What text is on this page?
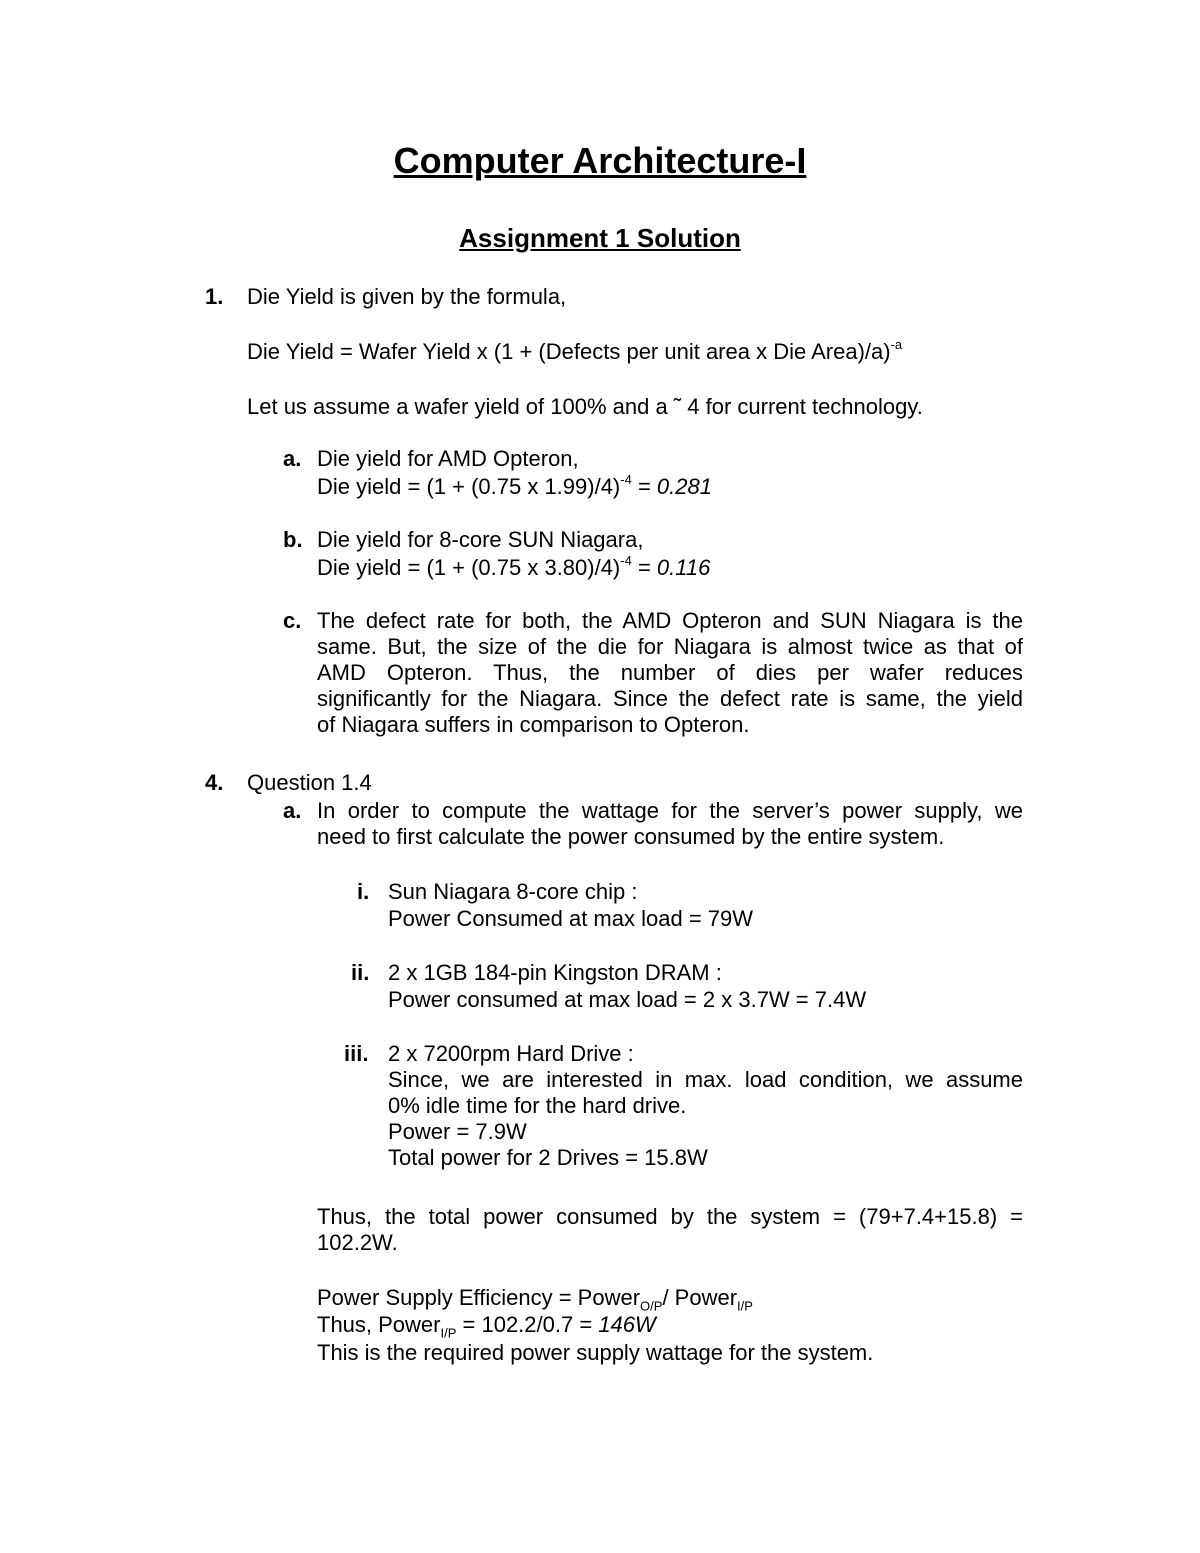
Computer Architecture-I
Assignment 1 Solution
1. Die Yield is given by the formula,
Die Yield = Wafer Yield x (1 + (Defects per unit area x Die Area)/a)$^{-a}$
Let us assume a wafer yield of 100% and a ˜ 4 for current technology.
a. Die yield for AMD Opteron,
Die yield = (1 + (0.75 x 1.99)/4)$^{-4}$ = 0.281
b. Die yield for 8-core SUN Niagara,
Die yield = (1 + (0.75 x 3.80)/4)$^{-4}$ = 0.116
c. The defect rate for both, the AMD Opteron and SUN Niagara is the
same. But, the size of the die for Niagara is almost twice as that of
AMD Opteron. Thus, the number of dies per wafer reduces
significantly for the Niagara. Since the defect rate is same, the yield
of Niagara suffers in comparison to Opteron.
4. Question 1.4
a. In order to compute the wattage for the server’s power supply, we
need to first calculate the power consumed by the entire system.
i. Sun Niagara 8-core chip :
Power Consumed at max load = 79W
ii. 2 x 1GB 184-pin Kingston DRAM :
Power consumed at max load = 2 x 3.7W = 7.4W
iii. 2 x 7200rpm Hard Drive :
Since, we are interested in max. load condition, we assume
0% idle time for the hard drive.
Power = 7.9W
Total power for 2 Drives = 15.8W
Thus, the total power consumed by the system = (79+7.4+15.8) =
102.2W.
Power Supply Efficiency = Power$_{O/P}$/ Power$_{I/P}$
Thus, Power$_{I/P}$ = 102.2/0.7 = 146W
This is the required power supply wattage for the system.
